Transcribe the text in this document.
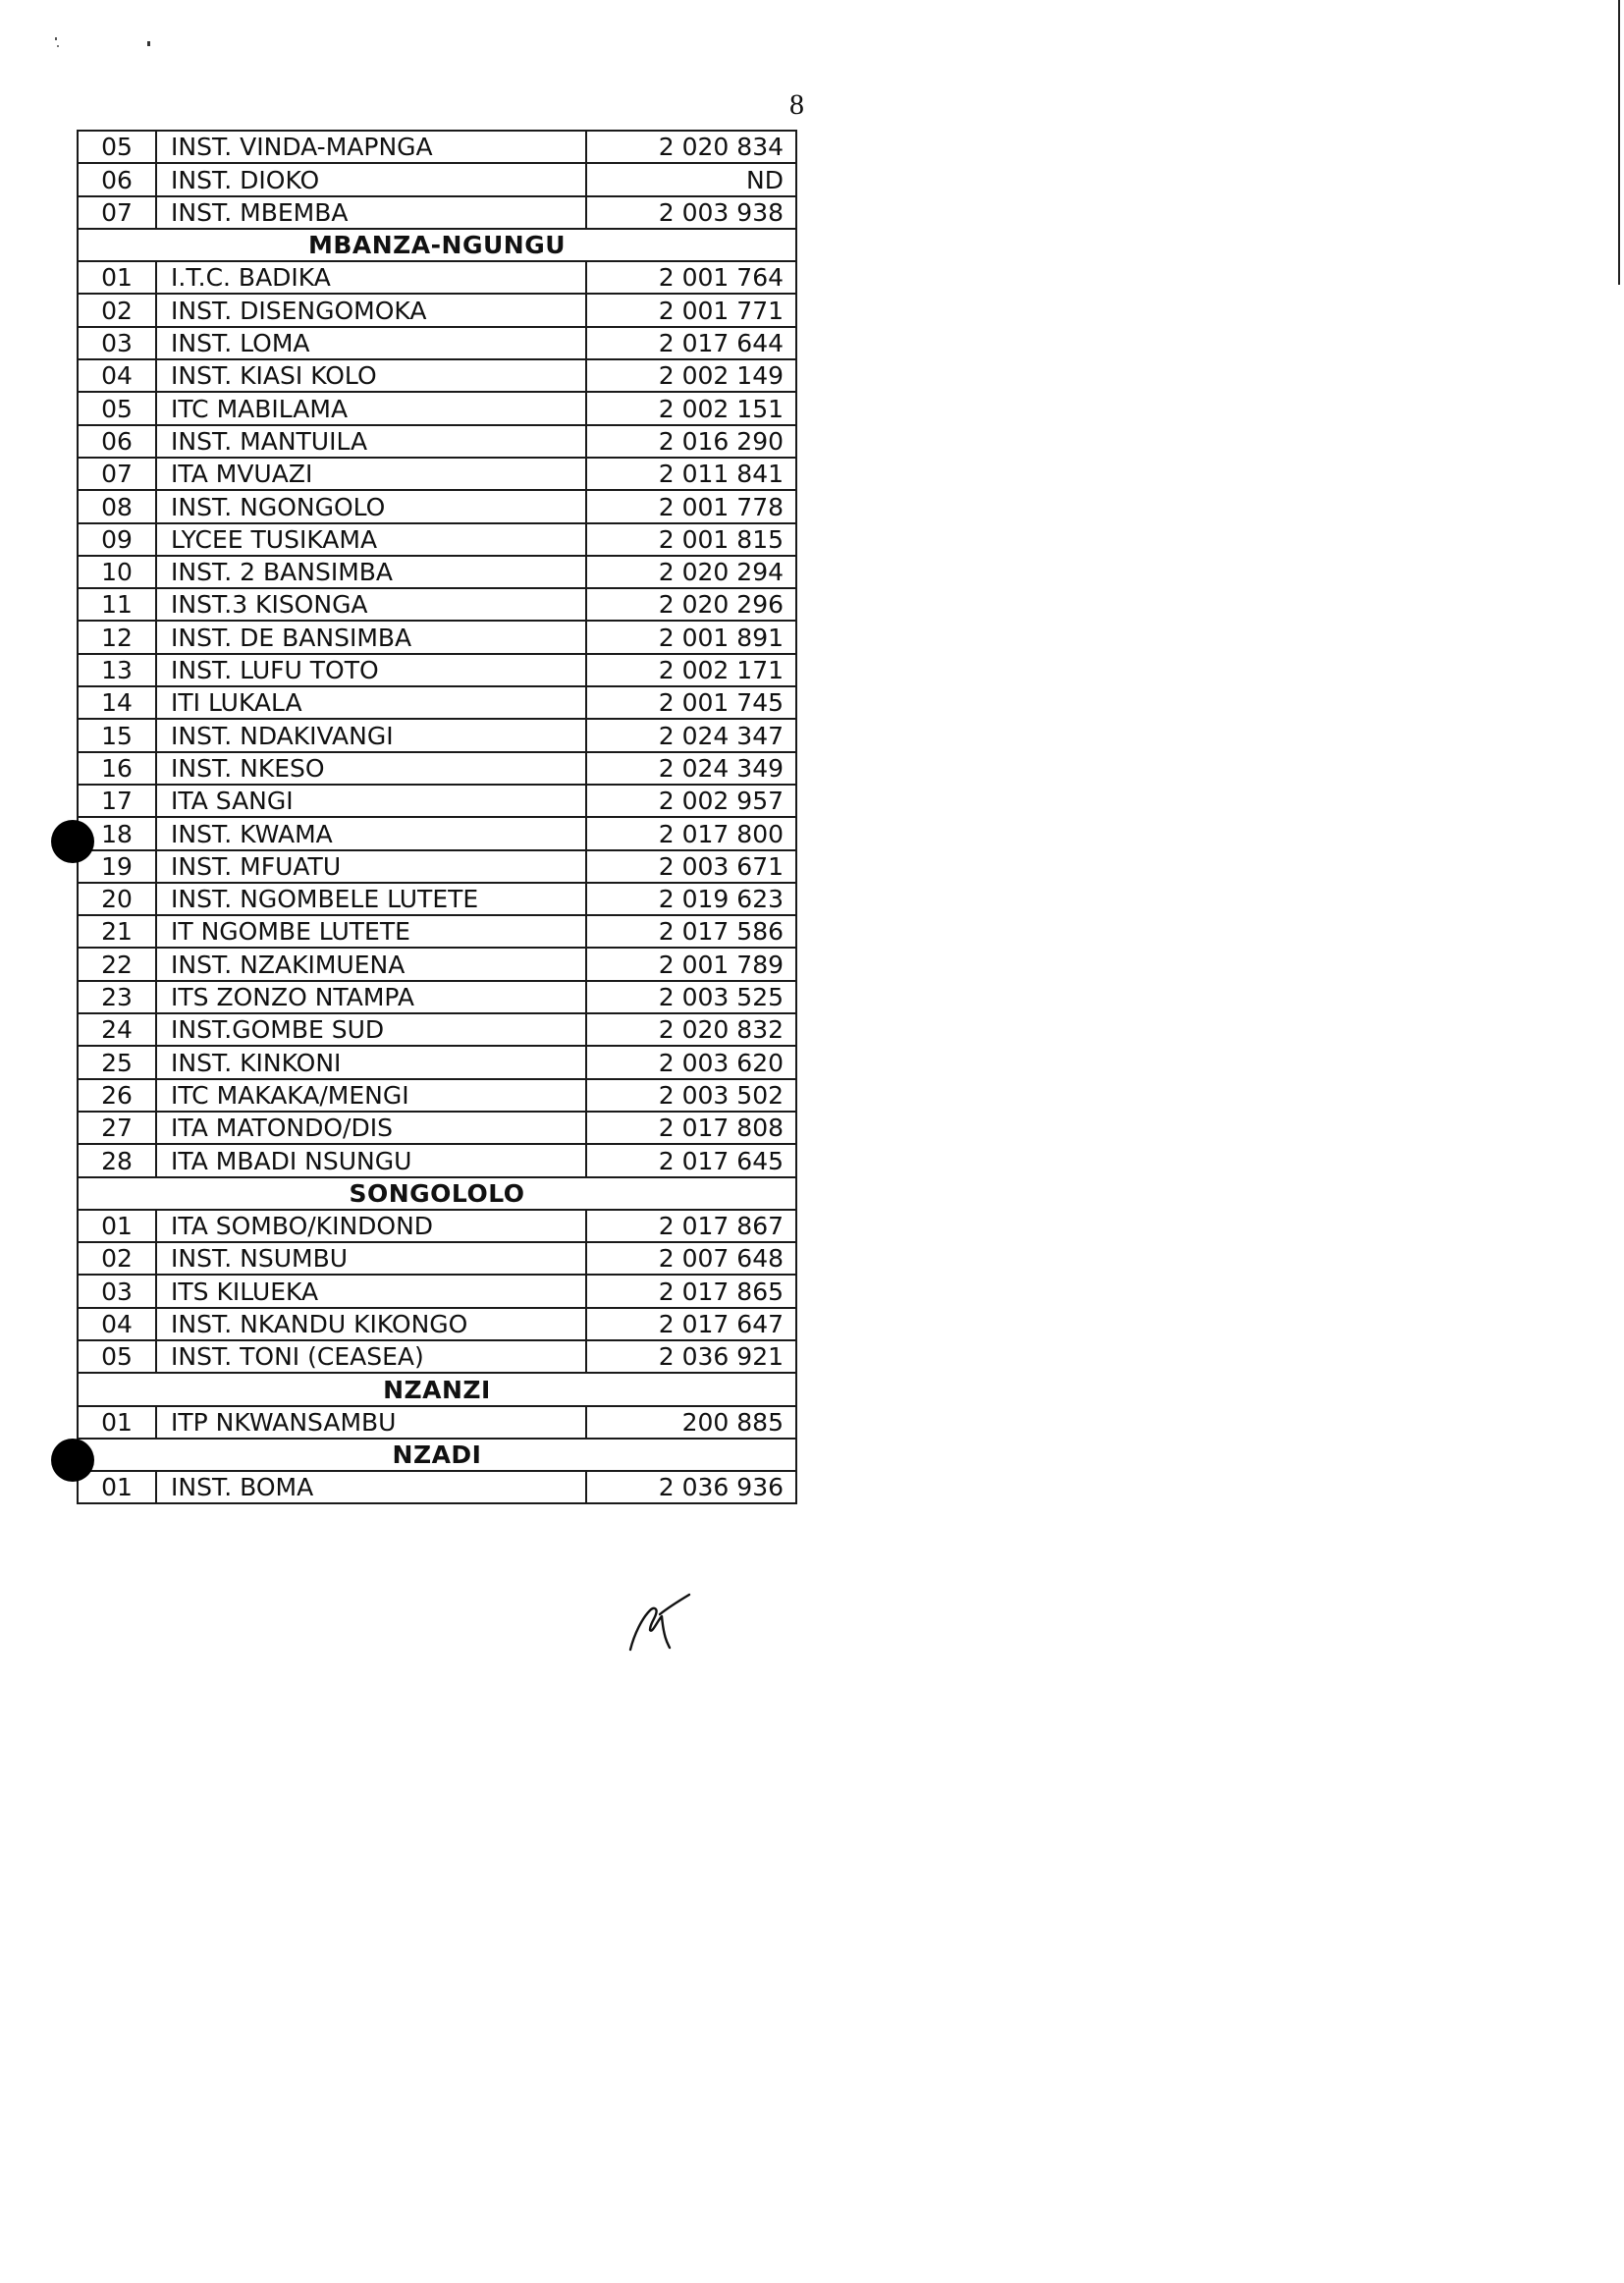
8
05	INST. VINDA-MAPNGA	2 020 834
06	INST. DIOKO	ND
07	INST. MBEMBA	2 003 938
MBANZA-NGUNGU		
01	I.T.C. BADIKA	2 001 764
02	INST. DISENGOMOKA	2 001 771
03	INST. LOMA	2 017 644
04	INST. KIASI KOLO	2 002 149
05	ITC MABILAMA	2 002 151
06	INST. MANTUILA	2 016 290
07	ITA MVUAZI	2 011 841
08	INST. NGONGOLO	2 001 778
09	LYCEE TUSIKAMA	2 001 815
10	INST. 2 BANSIMBA	2 020 294
11	INST.3 KISONGA	2 020 296
12	INST. DE BANSIMBA	2 001 891
13	INST. LUFU TOTO	2 002 171
14	ITI LUKALA	2 001 745
15	INST. NDAKIVANGI	2 024 347
16	INST. NKESO	2 024 349
17	ITA SANGI	2 002 957
18	INST. KWAMA	2 017 800
19	INST. MFUATU	2 003 671
20	INST. NGOMBELE LUTETE	2 019 623
21	IT NGOMBE LUTETE	2 017 586
22	INST. NZAKIMUENA	2 001 789
23	ITS ZONZO NTAMPA	2 003 525
24	INST.GOMBE SUD	2 020 832
25	INST. KINKONI	2 003 620
26	ITC MAKAKA/MENGI	2 003 502
27	ITA MATONDO/DIS	2 017 808
28	ITA MBADI NSUNGU	2 017 645
SONGOLOLO		
01	ITA SOMBO/KINDOND	2 017 867
02	INST. NSUMBU	2 007 648
03	ITS KILUEKA	2 017 865
04	INST. NKANDU KIKONGO	2 017 647
05	INST. TONI (CEASEA)	2 036 921
NZANZI		
01	ITP NKWANSAMBU	200 885
NZADI		
01	INST. BOMA	2 036 936
